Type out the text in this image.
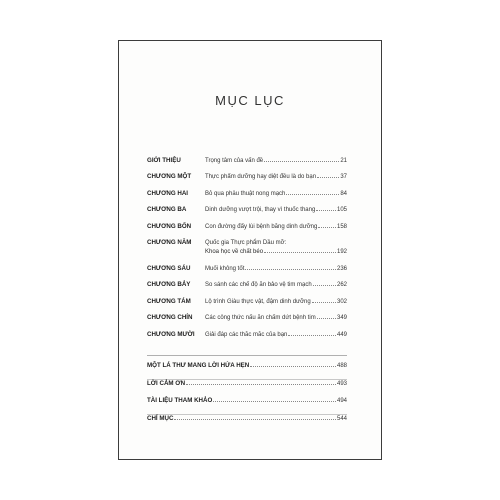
MỤC LỤC
GIỚI THIỆU	Trọng tâm của vấn đề	21
CHƯƠNG MỘT	Thực phẩm dưỡng hay diệt đều là do bạn	37
CHƯƠNG HAI	Bỏ qua phẫu thuật nong mạch	84
CHƯƠNG BA	Dinh dưỡng vượt trội, thay vì thuốc thang	105
CHƯƠNG BỐN	Con đường đẩy lùi bệnh bằng dinh dưỡng	158
CHƯƠNG NĂM	Quốc gia Thực phẩm Dầu mỡ:
Khoa học về chất béo	192
CHƯƠNG SÁU	Muối không tốt	236
CHƯƠNG BẢY	So sánh các chế độ ăn bảo vệ tim mạch	262
CHƯƠNG TÁM	Lộ trình Giàu thực vật, đậm dinh dưỡng	302
CHƯƠNG CHÍN	Các công thức nấu ăn chấm dứt bệnh tim	349
CHƯƠNG MƯỜI	Giải đáp các thắc mắc của bạn	449
MỘT LÁ THƯ MANG LỜI HỨA HẸN	488
LỜI CẢM ƠN	493
TÀI LIỆU THAM KHẢO	494
CHỈ MỤC	544
